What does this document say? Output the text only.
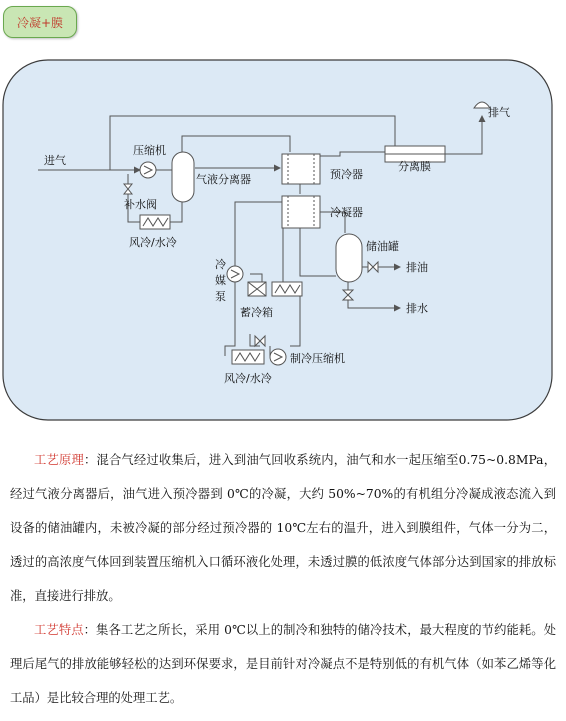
冷凝+膜
进气
压缩机
补水阀
气液分离器
风冷/水冷
预冷器
冷凝器
分离膜
排气
储油罐
排油
排水
冷
媒
泵
蓄冷箱
风冷/水冷
制冷压缩机

工艺原理：混合气经过收集后，进入到油气回收系统内，油气和水一起压缩至0.75~0.8MPa，经过气液分离器后，油气进入预冷器到 0℃的冷凝，大约 50%~70%的有机组分冷凝成液态流入到设备的储油罐内，未被冷凝的部分经过预冷器的 10℃左右的温升，进入到膜组件，气体一分为二，透过的高浓度气体回到装置压缩机入口循环液化处理，未透过膜的低浓度气体部分达到国家的排放标准，直接进行排放。

工艺特点：集各工艺之所长，采用 0℃以上的制冷和独特的储冷技术，最大程度的节约能耗。处理后尾气的排放能够轻松的达到环保要求，是目前针对冷凝点不是特别低的有机气体（如苯乙烯等化工品）是比较合理的处理工艺。
